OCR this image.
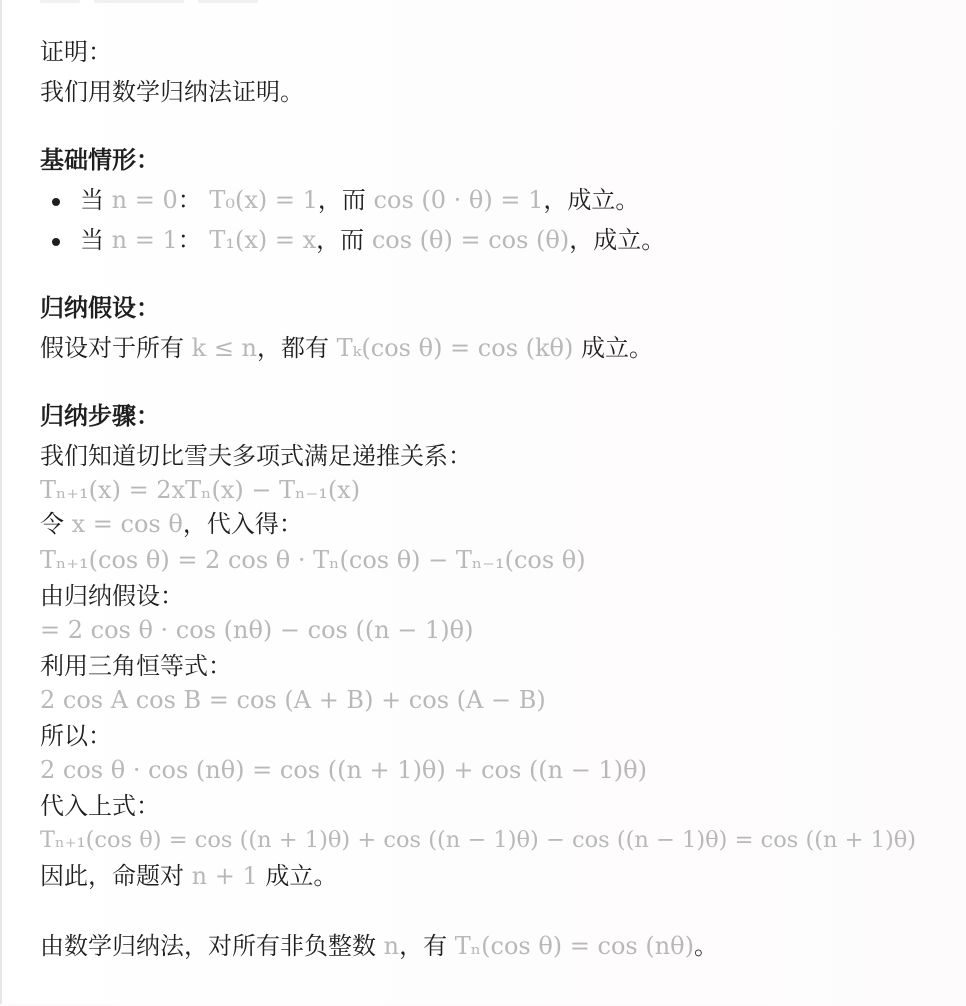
证明：
我们用数学归纳法证明。
基础情形：
当 n = 0： T₀(x) = 1，而 cos (0 · θ) = 1，成立。
当 n = 1： T₁(x) = x，而 cos (θ) = cos (θ)，成立。
归纳假设：
假设对于所有 k ≤ n，都有 Tₖ(cos θ) = cos (kθ) 成立。
归纳步骤：
我们知道切比雪夫多项式满足递推关系：
Tₙ₊₁(x) = 2xTₙ(x) − Tₙ₋₁(x)
令 x = cos θ，代入得：
Tₙ₊₁(cos θ) = 2 cos θ · Tₙ(cos θ) − Tₙ₋₁(cos θ)
由归纳假设：
= 2 cos θ · cos (nθ) − cos ((n − 1)θ)
利用三角恒等式：
2 cos A cos B = cos (A + B) + cos (A − B)
所以：
2 cos θ · cos (nθ) = cos ((n + 1)θ) + cos ((n − 1)θ)
代入上式：
Tₙ₊₁(cos θ) = cos ((n + 1)θ) + cos ((n − 1)θ) − cos ((n − 1)θ) = cos ((n + 1)θ)
因此，命题对 n + 1 成立。
由数学归纳法，对所有非负整数 n，有 Tₙ(cos θ) = cos (nθ)。
